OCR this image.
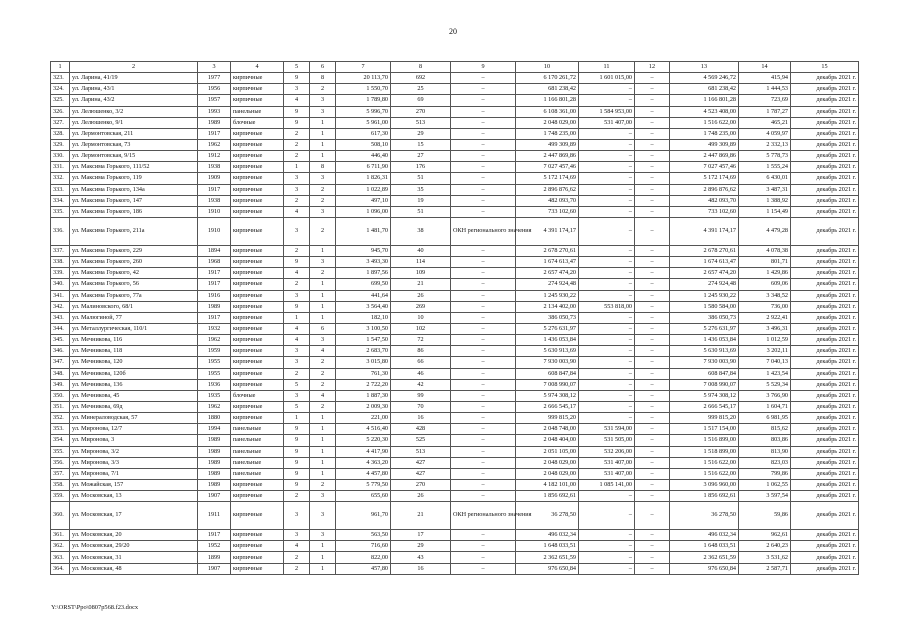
20
1	2	3	4	5	6	7	8	9	10	11	12	13	14	15
323.	ул. Ларина, 41/19	1977	кирпичные	9	8	20 113,70	692	–	6 170 261,72	1 601 015,00	–	4 569 246,72	415,94	декабрь 2021 г.
324.	ул. Ларина, 43/1	1956	кирпичные	3	2	1 550,70	25	–	681 238,42	–	–	681 238,42	1 444,53	декабрь 2021 г.
325.	ул. Ларина, 43/2	1957	кирпичные	4	3	1 789,80	69	–	1 166 801,28	–	–	1 166 801,28	723,69	декабрь 2021 г.
326.	ул. Лелюшенко, 3/2	1993	панельные	9	3	5 996,70	270	–	6 108 361,00	1 584 953,00	–	4 523 408,00	1 787,27	декабрь 2021 г.
327.	ул. Лелюшенко, 9/1	1989	блочные	9	1	5 961,00	513	–	2 048 029,00	531 407,00	–	1 516 622,00	465,21	декабрь 2021 г.
328.	ул. Лермонтовская, 211	1917	кирпичные	2	1	617,30	29	–	1 748 235,00	–	–	1 748 235,00	4 059,97	декабрь 2021 г.
329.	ул. Лермонтовская, 73	1962	кирпичные	2	1	508,10	15	–	499 309,89	–	–	499 309,89	2 332,13	декабрь 2021 г.
330.	ул. Лермонтовская, 9/15	1912	кирпичные	2	1	446,40	27	–	2 447 869,86	–	–	2 447 869,86	5 778,73	декабрь 2021 г.
331.	ул. Максима Горького, 111/52	1938	кирпичные	1	8	6 711,90	176	–	7 027 457,46	–	–	7 027 457,46	1 555,24	декабрь 2021 г.
332.	ул. Максима Горького, 119	1909	кирпичные	3	3	1 826,31	51	–	5 172 174,69	–	–	5 172 174,69	6 430,01	декабрь 2021 г.
333.	ул. Максима Горького, 134а	1917	кирпичные	3	2	1 022,89	35	–	2 896 876,62	–	–	2 896 876,62	3 487,31	декабрь 2021 г.
334.	ул. Максима Горького, 147	1938	кирпичные	2	2	497,10	19	–	482 093,70	–	–	482 093,70	1 388,92	декабрь 2021 г.
335.	ул. Максима Горького, 186	1910	кирпичные	4	3	1 096,00	51	–	733 102,60	–	–	733 102,60	1 154,49	декабрь 2021 г.
336.	ул. Максима Горького, 211а	1910	кирпичные	3	2	1 481,70	38	ОКН регионального значения	4 391 174,17	–	–	4 391 174,17	4 479,28	декабрь 2021 г.
337.	ул. Максима Горького, 229	1894	кирпичные	2	1	945,70	40	–	2 678 270,61	–	–	2 678 270,61	4 078,38	декабрь 2021 г.
338.	ул. Максима Горького, 260	1968	кирпичные	9	3	3 493,30	114	–	1 674 613,47	–	–	1 674 613,47	801,71	декабрь 2021 г.
339.	ул. Максима Горького, 42	1917	кирпичные	4	2	1 897,56	109	–	2 657 474,20	–	–	2 657 474,20	1 429,86	декабрь 2021 г.
340.	ул. Максима Горького, 56	1917	кирпичные	2	1	699,50	21	–	274 924,48	–	–	274 924,48	609,06	декабрь 2021 г.
341.	ул. Максима Горького, 77а	1916	кирпичные	3	1	441,64	26	–	1 245 930,22	–	–	1 245 930,22	3 348,52	декабрь 2021 г.
342.	ул. Малиновского, 68/1	1989	кирпичные	9	1	3 564,40	269	–	2 134 402,00	553 818,00	–	1 580 584,00	736,00	декабрь 2021 г.
343.	ул. Малюгиной, 77	1917	кирпичные	1	1	182,10	10	–	386 050,73	–	–	386 050,73	2 922,41	декабрь 2021 г.
344.	ул. Металлургическая, 110/1	1932	кирпичные	4	6	3 100,50	102	–	5 276 631,97	–	–	5 276 631,97	3 496,31	декабрь 2021 г.
345.	ул. Мечникова, 116	1962	кирпичные	4	3	1 547,50	72	–	1 436 053,84	–	–	1 436 053,84	1 012,59	декабрь 2021 г.
346.	ул. Мечникова, 118	1959	кирпичные	3	4	2 683,70	86	–	5 630 913,69	–	–	5 630 913,69	3 202,11	декабрь 2021 г.
347.	ул. Мечникова, 120	1955	кирпичные	3	2	3 015,80	66	–	7 930 003,90	–	–	7 930 003,90	7 040,13	декабрь 2021 г.
348.	ул. Мечникова, 120б	1955	кирпичные	2	2	761,30	46	–	608 847,84	–	–	608 847,84	1 423,54	декабрь 2021 г.
349.	ул. Мечникова, 136	1936	кирпичные	5	2	2 722,20	42	–	7 008 990,07	–	–	7 008 990,07	5 529,34	декабрь 2021 г.
350.	ул. Мечникова, 45	1935	блочные	3	4	1 887,30	99	–	5 974 308,12	–	–	5 974 308,12	3 766,90	декабрь 2021 г.
351.	ул. Мечникова, 69д	1962	кирпичные	5	2	2 009,30	70	–	2 666 545,17	–	–	2 666 545,17	1 604,71	декабрь 2021 г.
352.	ул. Минераловодская, 57	1880	кирпичные	1	1	221,00	16	–	999 815,20	–	–	999 815,20	6 981,95	декабрь 2021 г.
353.	ул. Миронова, 12/7	1994	панельные	9	1	4 516,40	428	–	2 048 748,00	531 594,00	–	1 517 154,00	815,62	декабрь 2021 г.
354.	ул. Миронова, 3	1989	панельные	9	1	5 220,30	525	–	2 048 404,00	531 505,00	–	1 516 899,00	803,86	декабрь 2021 г.
355.	ул. Миронова, 3/2	1989	панельные	9	1	4 417,90	513	–	2 051 105,00	532 206,00	–	1 518 899,00	813,90	декабрь 2021 г.
356.	ул. Миронова, 3/3	1989	панельные	9	1	4 363,20	427	–	2 048 029,00	531 407,00	–	1 516 622,00	823,03	декабрь 2021 г.
357.	ул. Миронова, 7/1	1989	панельные	9	1	4 457,80	427	–	2 048 029,00	531 407,00	–	1 516 622,00	799,86	декабрь 2021 г.
358.	ул. Можайская, 157	1989	кирпичные	9	2	5 779,50	270	–	4 182 101,00	1 085 141,00	–	3 096 960,00	1 062,55	декабрь 2021 г.
359.	ул. Московская, 13	1907	кирпичные	2	3	655,60	26	–	1 856 692,61	–	–	1 856 692,61	3 597,54	декабрь 2021 г.
360.	ул. Московская, 17	1911	кирпичные	3	3	961,70	21	ОКН регионального значения	36 278,50	–	–	36 278,50	59,86	декабрь 2021 г.
361.	ул. Московская, 20	1917	кирпичные	3	3	563,50	17	–	496 032,34	–	–	496 032,34	962,61	декабрь 2021 г.
362.	ул. Московская, 29/20	1952	кирпичные	4	1	716,60	29	–	1 648 033,51	–	–	1 648 033,51	2 640,23	декабрь 2021 г.
363.	ул. Московская, 31	1899	кирпичные	2	1	822,00	43	–	2 362 651,59	–	–	2 362 651,59	3 531,62	декабрь 2021 г.
364.	ул. Московская, 48	1907	кирпичные	2	1	457,80	16	–	976 650,84	–	–	976 650,84	2 587,71	декабрь 2021 г.
Y:\ORST\Ppo\0807p568.f23.docx
